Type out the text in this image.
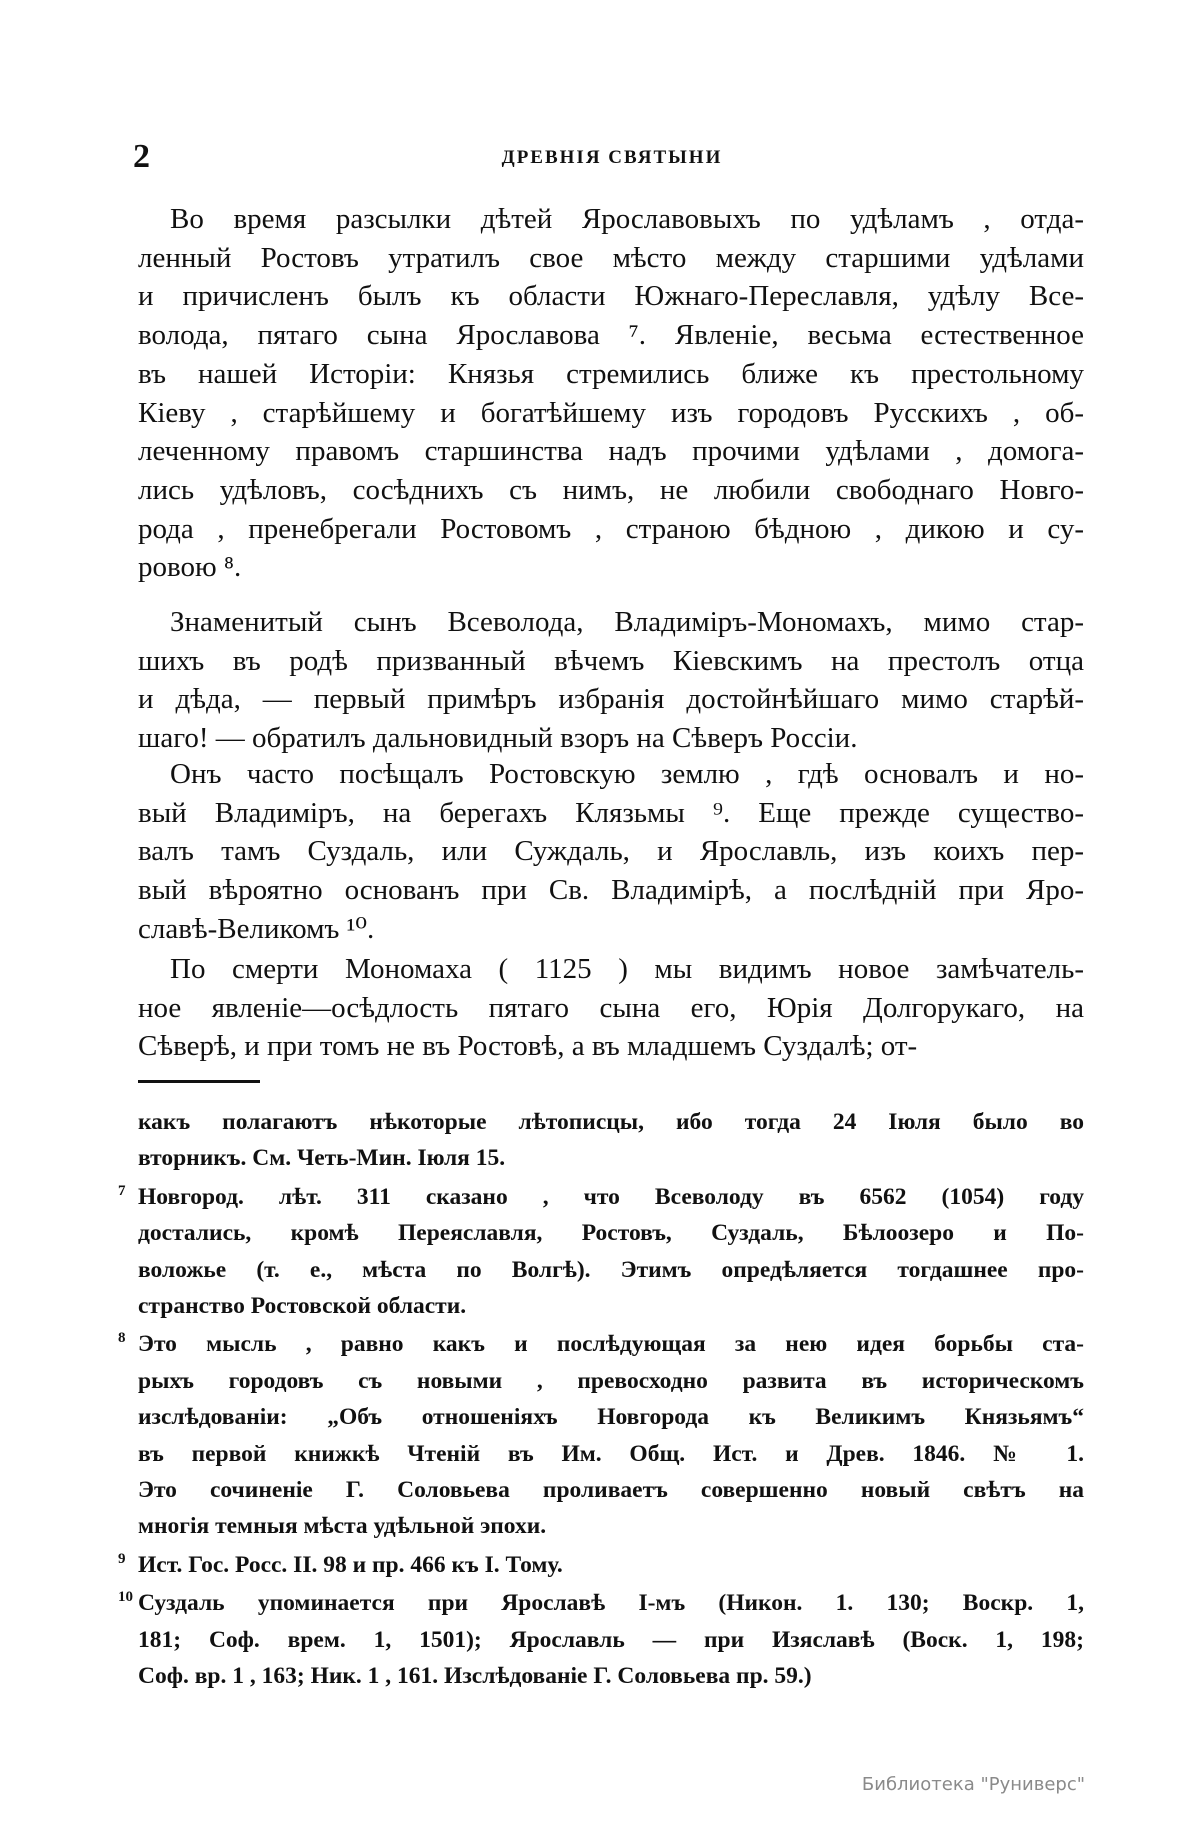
2	ДРЕВНІЯ СВЯТЫНИ
Во время разсылки дѣтей Ярославовыхъ по удѣламъ , отда-
ленный Ростовъ утратилъ свое мѣсто между старшими удѣлами
и причисленъ былъ къ области Южнаго-Переславля, удѣлу Все-
волода, пятаго сына Ярославова ⁷. Явленіе, весьма естественное
въ нашей Исторіи: Князья стремились ближе къ престольному
Кіеву , старѣйшему и богатѣйшему изъ городовъ Русскихъ , об-
леченному правомъ старшинства надъ прочими удѣлами , домога-
лись удѣловъ, сосѣднихъ съ нимъ, не любили свободнаго Новго-
рода , пренебрегали Ростовомъ , страною бѣдною , дикою и су-
ровою ⁸.
Знаменитый сынъ Всеволода, Владиміръ-Мономахъ, мимо стар-
шихъ въ родѣ призванный вѣчемъ Кіевскимъ на престолъ отца
и дѣда, — первый примѣръ избранія достойнѣйшаго мимо старѣй-
шаго! — обратилъ дальновидный взоръ на Сѣверъ Россіи.
Онъ часто посѣщалъ Ростовскую землю , гдѣ основалъ и но-
вый Владиміръ, на берегахъ Клязьмы ⁹. Еще прежде существо-
валъ тамъ Суздаль, или Суждаль, и Ярославль, изъ коихъ пер-
вый вѣроятно основанъ при Св. Владимірѣ, а послѣдній при Яро-
славѣ-Великомъ ¹⁰.
По смерти Мономаха ( 1125 ) мы видимъ новое замѣчатель-
ное явленіе—осѣдлость пятаго сына его, Юрія Долгорукаго, на
Сѣверѣ, и при томъ не въ Ростовѣ, а въ младшемъ Суздалѣ; от-
какъ полагаютъ нѣкоторые лѣтописцы, ибо тогда 24 Іюля было во
вторникъ. См. Четь-Мин. Іюля 15.
7 Новгород. лѣт. 311 сказано , что Всеволоду въ 6562 (1054) году
достались, кромѣ Переяславля, Ростовъ, Суздаль, Бѣлоозеро и По-
воложье (т. е., мѣста по Волгѣ). Этимъ опредѣляется тогдашнее про-
странство Ростовской области.
8 Это мысль , равно какъ и послѣдующая за нею идея борьбы ста-
рыхъ городовъ съ новыми , превосходно развита въ историческомъ
изслѣдованіи: „Объ отношеніяхъ Новгорода къ Великимъ Князьямъ“
въ первой книжкѣ Чтеній въ Им. Общ. Ист. и Древ. 1846. № 1.
Это сочиненіе Г. Соловьева проливаетъ совершенно новый свѣтъ на
многія темныя мѣста удѣльной эпохи.
9 Ист. Гос. Росс. II. 98 и пр. 466 къ I. Тому.
10 Суздаль упоминается при Ярославѣ I-мъ (Никон. 1. 130; Воскр. 1,
181; Соф. врем. 1, 1501); Ярославль — при Изяславѣ (Воск. 1, 198;
Соф. вр. 1 , 163; Ник. 1 , 161. Изслѣдованіе Г. Соловьева пр. 59.)
Библиотека "Руниверс"
